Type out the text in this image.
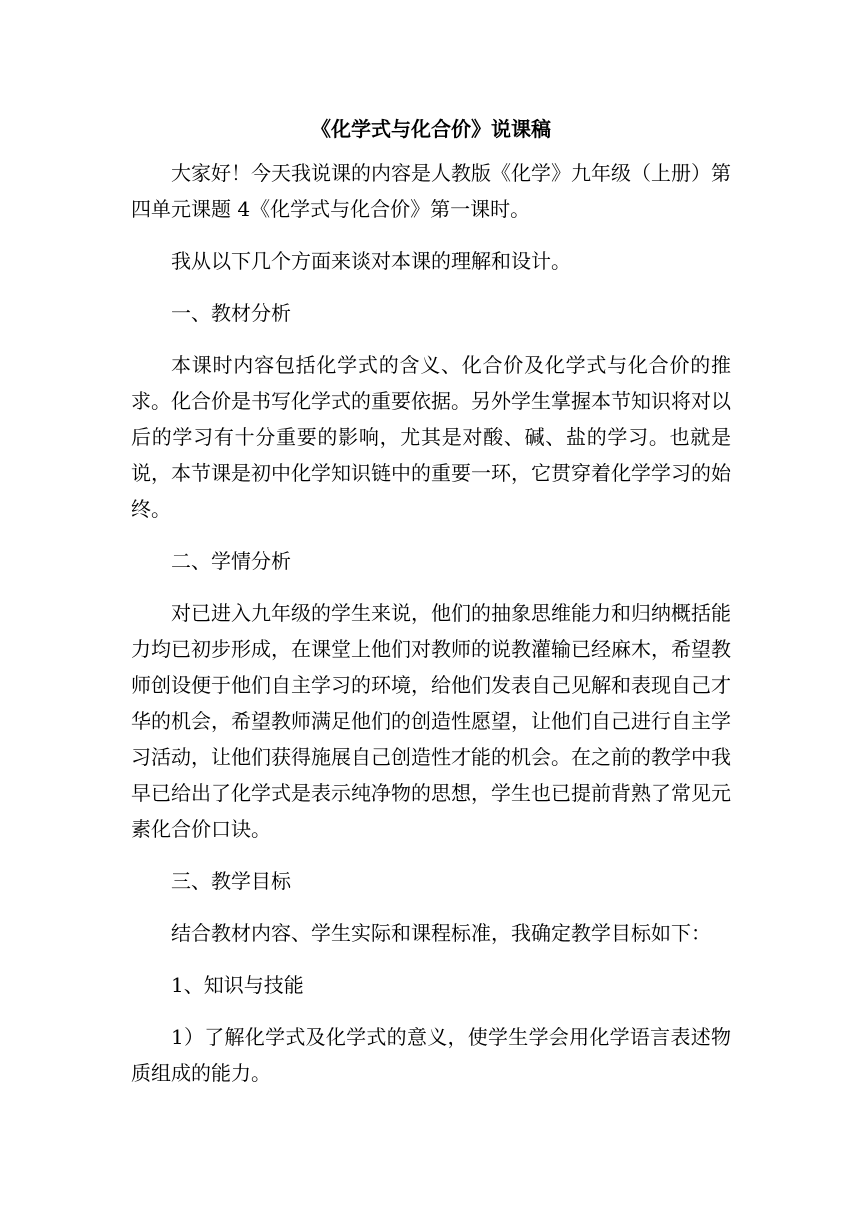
《化学式与化合价》说课稿

大家好！今天我说课的内容是人教版《化学》九年级（上册）第四单元课题 4《化学式与化合价》第一课时。

我从以下几个方面来谈对本课的理解和设计。

一、教材分析

本课时内容包括化学式的含义、化合价及化学式与化合价的推求。化合价是书写化学式的重要依据。另外学生掌握本节知识将对以后的学习有十分重要的影响，尤其是对酸、碱、盐的学习。也就是说，本节课是初中化学知识链中的重要一环，它贯穿着化学学习的始终。

二、学情分析

对已进入九年级的学生来说，他们的抽象思维能力和归纳概括能力均已初步形成，在课堂上他们对教师的说教灌输已经麻木，希望教师创设便于他们自主学习的环境，给他们发表自己见解和表现自己才华的机会，希望教师满足他们的创造性愿望，让他们自己进行自主学习活动，让他们获得施展自己创造性才能的机会。在之前的教学中我早已给出了化学式是表示纯净物的思想，学生也已提前背熟了常见元素化合价口诀。

三、教学目标

结合教材内容、学生实际和课程标准，我确定教学目标如下：

1、知识与技能

1）了解化学式及化学式的意义，使学生学会用化学语言表述物质组成的能力。
